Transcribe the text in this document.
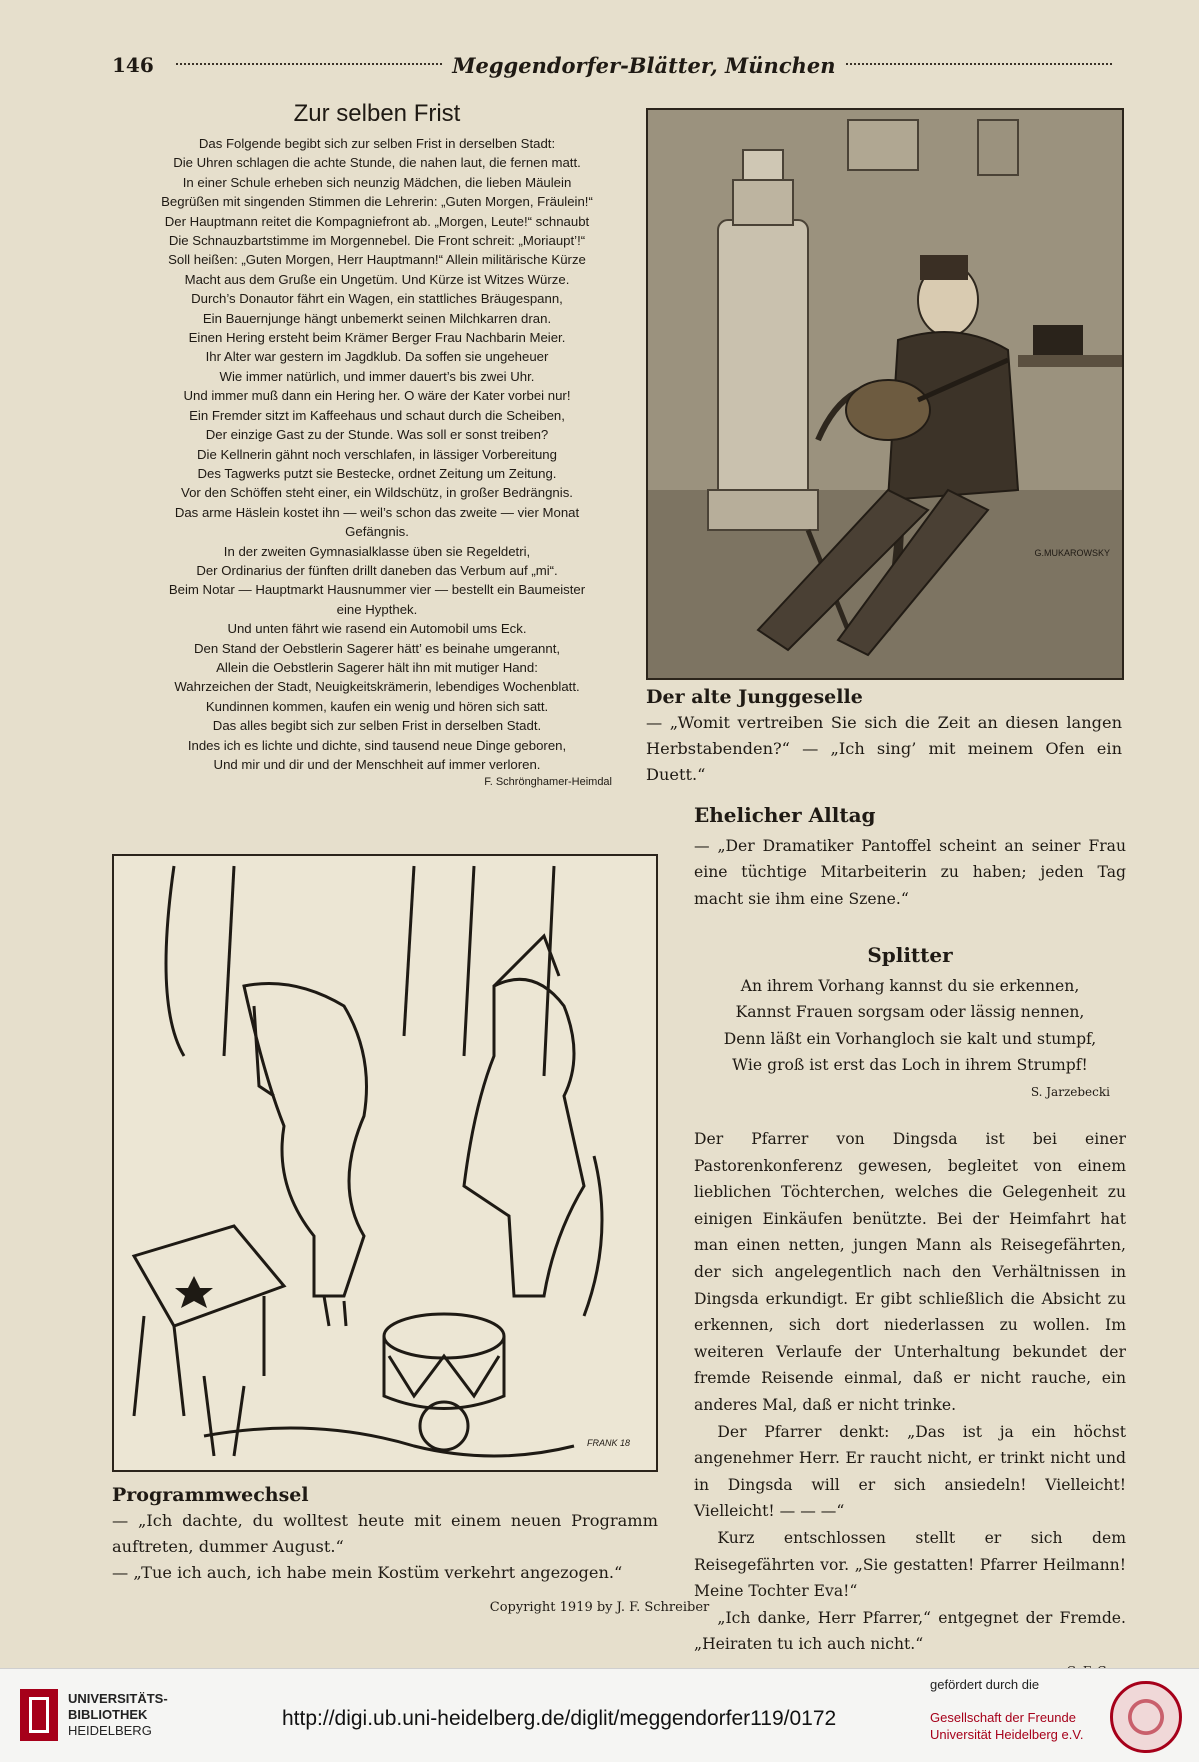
146	Meggendorfer-Blätter, München
Zur selben Frist
Das Folgende begibt sich zur selben Frist in derselben Stadt:
Die Uhren schlagen die achte Stunde, die nahen laut, die fernen matt.
In einer Schule erheben sich neunzig Mädchen, die lieben Mäulein
Begrüßen mit singenden Stimmen die Lehrerin: „Guten Morgen, Fräulein!“
Der Hauptmann reitet die Kompagniefront ab. „Morgen, Leute!“ schnaubt
Die Schnauzbartstimme im Morgennebel. Die Front schreit: „Moriaupt’!“
Soll heißen: „Guten Morgen, Herr Hauptmann!“ Allein militärische Kürze
Macht aus dem Gruße ein Ungetüm. Und Kürze ist Witzes Würze.
Durch’s Donautor fährt ein Wagen, ein stattliches Bräugespann,
Ein Bauernjunge hängt unbemerkt seinen Milchkarren dran.
Einen Hering ersteht beim Krämer Berger Frau Nachbarin Meier.
Ihr Alter war gestern im Jagdklub. Da soffen sie ungeheuer
Wie immer natürlich, und immer dauert’s bis zwei Uhr.
Und immer muß dann ein Hering her. O wäre der Kater vorbei nur!
Ein Fremder sitzt im Kaffeehaus und schaut durch die Scheiben,
Der einzige Gast zu der Stunde. Was soll er sonst treiben?
Die Kellnerin gähnt noch verschlafen, in lässiger Vorbereitung
Des Tagwerks putzt sie Bestecke, ordnet Zeitung um Zeitung.
Vor den Schöffen steht einer, ein Wildschütz, in großer Bedrängnis.
Das arme Häslein kostet ihn — weil’s schon das zweite — vier Monat
Gefängnis.
In der zweiten Gymnasialklasse üben sie Regeldetri,
Der Ordinarius der fünften drillt daneben das Verbum auf „mi“.
Beim Notar — Hauptmarkt Hausnummer vier — bestellt ein Baumeister
eine Hypthek.
Und unten fährt wie rasend ein Automobil ums Eck.
Den Stand der Oebstlerin Sagerer hätt’ es beinahe umgerannt,
Allein die Oebstlerin Sagerer hält ihn mit mutiger Hand:
Wahrzeichen der Stadt, Neuigkeitskrämerin, lebendiges Wochenblatt.
Kundinnen kommen, kaufen ein wenig und hören sich satt.
Das alles begibt sich zur selben Frist in derselben Stadt.
Indes ich es lichte und dichte, sind tausend neue Dinge geboren,
Und mir und dir und der Menschheit auf immer verloren.
F. Schrönghamer-Heimdal
G.MUKAROWSKY
Der alte Junggeselle
— „Womit vertreiben Sie sich die Zeit an diesen langen Herbstabenden?“ — „Ich sing’ mit meinem Ofen ein Duett.“
FRANK 18
Programmwechsel
— „Ich dachte, du wolltest heute mit einem neuen Programm auftreten, dummer August.“
— „Tue ich auch, ich habe mein Kostüm verkehrt angezogen.“
Ehelicher Alltag
— „Der Dramatiker Pantoffel scheint an seiner Frau eine tüchtige Mitarbeiterin zu haben; jeden Tag macht sie ihm eine Szene.“
Splitter
An ihrem Vorhang kannst du sie erkennen,
Kannst Frauen sorgsam oder lässig nennen,
Denn läßt ein Vorhangloch sie kalt und stumpf,
Wie groß ist erst das Loch in ihrem Strumpf!
S. Jarzebecki

Der Pfarrer von Dingsda ist bei einer Pastorenkonferenz gewesen, begleitet von einem lieblichen Töchterchen, welches die Gelegenheit zu einigen Einkäufen benützte. Bei der Heimfahrt hat man einen netten, jungen Mann als Reisegefährten, der sich angelegentlich nach den Verhältnissen in Dingsda erkundigt. Er gibt schließlich die Absicht zu erkennen, sich dort niederlassen zu wollen. Im weiteren Verlaufe der Unterhaltung bekundet der fremde Reisende einmal, daß er nicht rauche, ein anderes Mal, daß er nicht trinke.

Der Pfarrer denkt: „Das ist ja ein höchst angenehmer Herr. Er raucht nicht, er trinkt nicht und in Dingsda will er sich ansiedeln! Vielleicht! Vielleicht! — — —“

Kurz entschlossen stellt er sich dem Reisegefährten vor. „Sie gestatten! Pfarrer Heilmann! Meine Tochter Eva!“

„Ich danke, Herr Pfarrer,“ entgegnet der Fremde. „Heiraten tu ich auch nicht.“

Copyright 1919 by J. F. Schreiber
UNIVERSITÄTS-
BIBLIOTHEK
HEIDELBERG
http://digi.ub.uni-heidelberg.de/diglit/meggendorfer119/0172
gefördert durch die
Gesellschaft der Freunde
Universität Heidelberg e.V.
